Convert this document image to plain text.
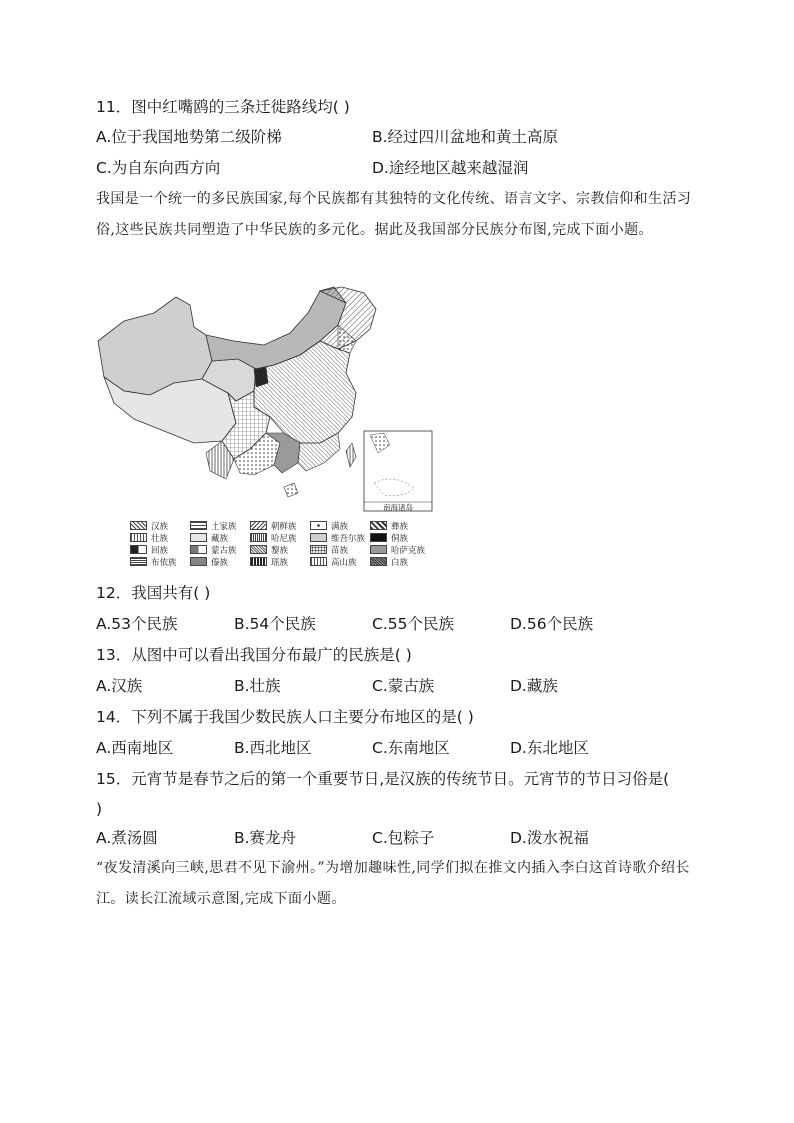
11．图中红嘴鸥的三条迁徙路线均( )
A.位于我国地势第二级阶梯	B.经过四川盆地和黄土高原
C.为自东向西方向	D.途经地区越来越湿润
我国是一个统一的多民族国家,每个民族都有其独特的文化传统、语言文字、宗教信仰和生活习俗,这些民族共同塑造了中华民族的多元化。据此及我国部分民族分布图,完成下面小题。
南海诸岛
汉族	土家族	朝鲜族	满族	彝族
壮族	藏族	哈尼族	维吾尔族	侗族
回族	蒙古族	黎族	苗族	哈萨克族
布依族	傣族	瑶族	高山族	白族
12．我国共有( )
A.53个民族	B.54个民族	C.55个民族	D.56个民族
13．从图中可以看出我国分布最广的民族是( )
A.汉族	B.壮族	C.蒙古族	D.藏族
14．下列不属于我国少数民族人口主要分布地区的是( )
A.西南地区	B.西北地区	C.东南地区	D.东北地区
15．元宵节是春节之后的第一个重要节日,是汉族的传统节日。元宵节的节日习俗是(
)
A.煮汤圆	B.赛龙舟	C.包粽子	D.泼水祝福
“夜发清溪向三峡,思君不见下渝州。”为增加趣味性,同学们拟在推文内插入李白这首诗歌介绍长江。读长江流域示意图,完成下面小题。
